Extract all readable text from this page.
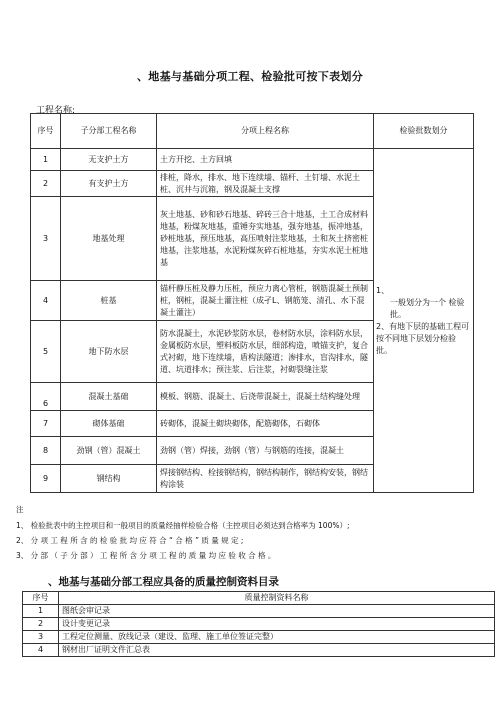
、地基与基础分项工程、检验批可按下表划分
工程名称:
序号	子分部工程名称	分项上程名称	检验批数划分
1	无支护土方	土方开挖、土方回填	1、
一般划分为一个 检验批。
2、有地下层的基础工程可按不同地下层划分检验批。

2	有支护土方	排桩，降水，排水、地下连续墙、锚杆、土钉墙、水泥土桩、沉井与沉箱，钢及混凝土支撑	
3	地基处理	灰土地基、砂和砂石地基、碎砖三合十地基，土工合成材料地基，粉煤灰地基，重锤夯实地基，强夯地基，振冲地基，砂桩地基，预压地基，高压喷射注浆地基，土和灰土挤密桩地基，注浆地基，水泥粉煤灰碎石桩地基，夯实水泥土桩地基	
4	桩基	锚杆静压桩及静力压桩，预应力离心管桩，钢筋混凝土预制桩，钢桩，混凝土灌注桩（成孑L、钢筋笼、清孔、水下混凝土灌注）	
5	地下防水层	防水混凝土，水泥砂浆防水层，卷材防水层，涂料防水层，金属板防水层，塑料板防水层，细部构造，喷锚支护，复合式衬砌，地下连续墙，盾构法隧道；渗排水，盲沟排水，隧道、坑道排水；预注浆、后注浆，衬砌裂缝注浆	
6	混凝土基础	模板、钢筋、混凝土、后浇带混凝土，混凝土结构缝处理	
7	砌体基础	砖砌体，混凝土砌块砌体，配筋砌体，石砌体	
8	劲钢（管）混凝土	劲钢（管）焊接，劲钢（管）与钢筋的连接，混凝土	
9	钢结构	焊接钢结构、栓接钢结构，钢结构制作，钢结构安装，钢结构涂装	
注
1、 检验批表中的主控项目和一般项目的质量经抽样检验合格（主控项目必须达到合格率为 100%）;
2、 分 项 工 程 所 含 的 检 验 批 均 应 符 合 “ 合 格 ” 质 量 规 定 ;
3、 分 部 （ 子 分 部 ） 工 程 所 含 分 项 工 程 的 质 量 均 应 验 收 合 格 。
、地基与基础分部工程应具备的质量控制资料目录
序号	质量控制资料名称
1	图纸会审记录
2	设计变更记录
3	工程定位测量、放线记录（建设、监理、施工单位签证完整）
4	钢材出厂证明文件汇总表
